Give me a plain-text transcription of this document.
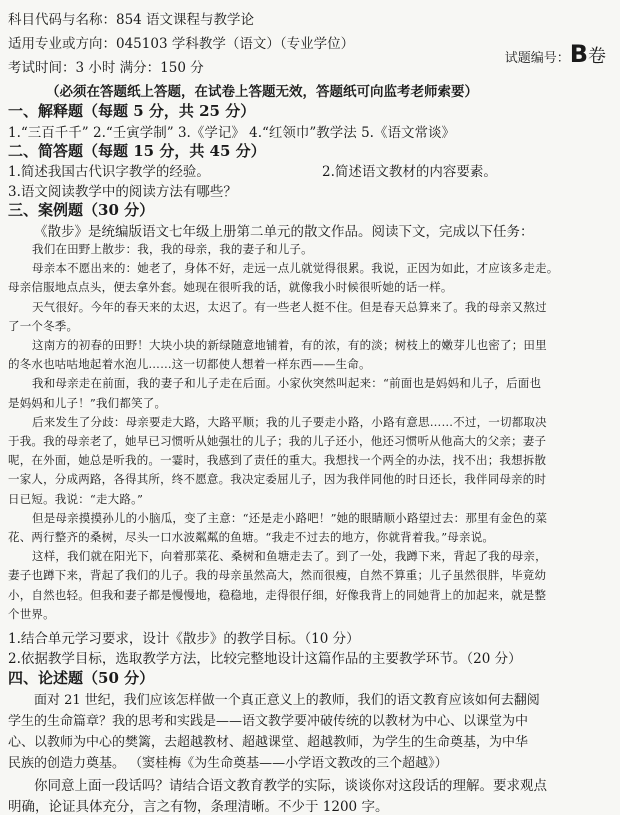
科目代码与名称：854 语文课程与教学论
适用专业或方向：045103 学科教学（语文）（专业学位）
考试时间：3 小时 满分：150 分
试题编号：B卷
（必须在答题纸上答题，在试卷上答题无效，答题纸可向监考老师索要）
一、解释题（每题 5 分，共 25 分）
1.“三百千千” 2.“壬寅学制” 3.《学记》 4.“红领巾”教学法 5.《语文常谈》
二、简答题（每题 15 分，共 45 分）
1.简述我国古代识字教学的经验。	2.简述语文教材的内容要素。
3.语文阅读教学中的阅读方法有哪些？
三、案例题（30 分）
《散步》是统编版语文七年级上册第二单元的散文作品。阅读下文，完成以下任务：
我们在田野上散步：我，我的母亲，我的妻子和儿子。
母亲本不愿出来的：她老了，身体不好，走远一点儿就觉得很累。我说，正因为如此，才应该多走走。
母亲信服地点点头，便去拿外套。她现在很听我的话，就像我小时候很听她的话一样。
天气很好。今年的春天来的太迟，太迟了。有一些老人挺不住。但是春天总算来了。我的母亲又熬过
了一个冬季。
这南方的初春的田野！大块小块的新绿随意地铺着，有的浓，有的淡；树枝上的嫩芽儿也密了；田里
的冬水也咕咕地起着水泡儿……这一切都使人想着一样东西——生命。
我和母亲走在前面，我的妻子和儿子走在后面。小家伙突然叫起来：“前面也是妈妈和儿子，后面也
是妈妈和儿子！”我们都笑了。
后来发生了分歧：母亲要走大路，大路平顺；我的儿子要走小路，小路有意思……不过，一切都取决
于我。我的母亲老了，她早已习惯听从她强壮的儿子；我的儿子还小，他还习惯听从他高大的父亲；妻子
呢，在外面，她总是听我的。一霎时，我感到了责任的重大。我想找一个两全的办法，找不出；我想拆散
一家人，分成两路，各得其所，终不愿意。我决定委屈儿子，因为我伴同他的时日还长，我伴同母亲的时
日已短。我说：“走大路。”
但是母亲摸摸孙儿的小脑瓜，变了主意：“还是走小路吧！”她的眼睛顺小路望过去：那里有金色的菜
花、两行整齐的桑树，尽头一口水波粼粼的鱼塘。“我走不过去的地方，你就背着我。”母亲说。
这样，我们就在阳光下，向着那菜花、桑树和鱼塘走去了。到了一处，我蹲下来，背起了我的母亲，
妻子也蹲下来，背起了我们的儿子。我的母亲虽然高大，然而很瘦，自然不算重；儿子虽然很胖，毕竟幼
小，自然也轻。但我和妻子都是慢慢地，稳稳地，走得很仔细，好像我背上的同她背上的加起来，就是整
个世界。
1.结合单元学习要求，设计《散步》的教学目标。（10 分）
2.依据教学目标，选取教学方法，比较完整地设计这篇作品的主要教学环节。（20 分）
四、论述题（50 分）
面对 21 世纪，我们应该怎样做一个真正意义上的教师，我们的语文教育应该如何去翻阅
学生的生命篇章？我的思考和实践是——语文教学要冲破传统的以教材为中心、以课堂为中
心、以教师为中心的樊篱，去超越教材、超越课堂、超越教师，为学生的生命奠基，为中华
民族的创造力奠基。 （窦桂梅《为生命奠基——小学语文教改的三个超越》）
你同意上面一段话吗？请结合语文教育教学的实际，谈谈你对这段话的理解。要求观点
明确，论证具体充分，言之有物，条理清晰。不少于 1200 字。
